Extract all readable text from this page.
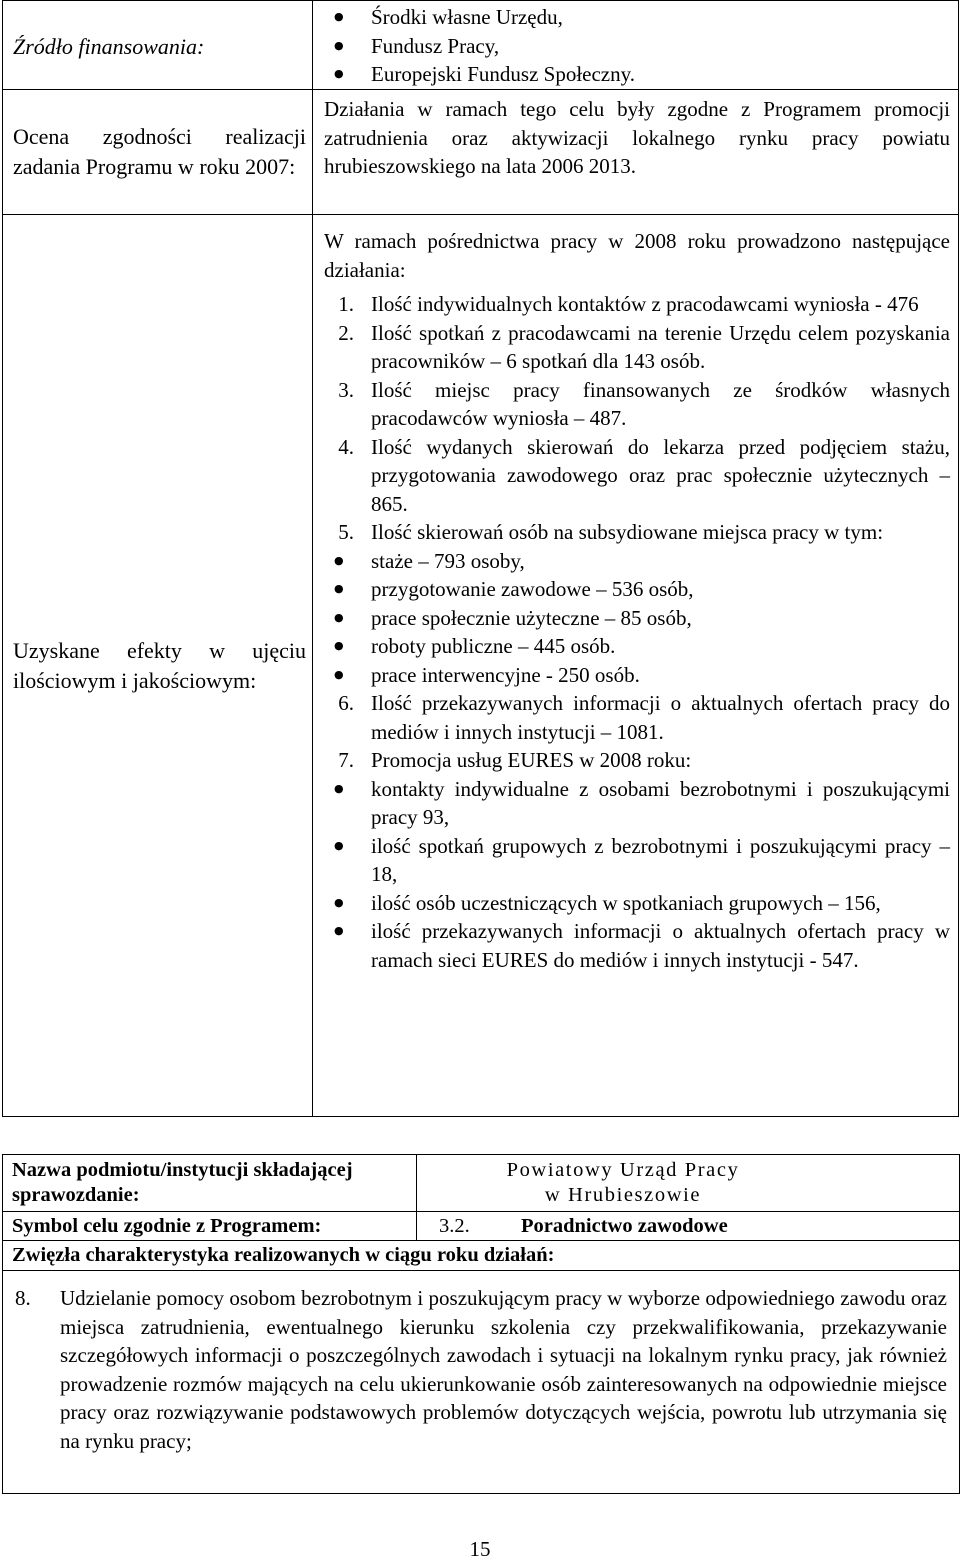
Źródło finansowania:
● Środki własne Urzędu,
● Fundusz Pracy,
● Europejski Fundusz Społeczny.
Ocena zgodności realizacji zadania Programu w roku 2007:
Działania w ramach tego celu były zgodne z Programem promocji zatrudnienia oraz aktywizacji lokalnego rynku pracy powiatu hrubieszowskiego na lata 2006 2013.
Uzyskane efekty w ujęciu ilościowym i jakościowym:
W ramach pośrednictwa pracy w 2008 roku prowadzono następujące działania:
1. Ilość indywidualnych kontaktów z pracodawcami wyniosła - 476
2. Ilość spotkań z pracodawcami na terenie Urzędu celem pozyskania pracowników – 6 spotkań dla 143 osób.
3. Ilość miejsc pracy finansowanych ze środków własnych pracodawców wyniosła – 487.
4. Ilość wydanych skierowań do lekarza przed podjęciem stażu, przygotowania zawodowego oraz prac społecznie użytecznych – 865.
5. Ilość skierowań osób na subsydiowane miejsca pracy w tym:
● staże – 793 osoby,
● przygotowanie zawodowe – 536 osób,
● prace społecznie użyteczne – 85 osób,
● roboty publiczne – 445 osób.
● prace interwencyjne - 250 osób.
6. Ilość przekazywanych informacji o aktualnych ofertach pracy do mediów i innych instytucji – 1081.
7. Promocja usług EURES w 2008 roku:
● kontakty indywidualne z osobami bezrobotnymi i poszukującymi pracy 93,
● ilość spotkań grupowych z bezrobotnymi i poszukującymi pracy – 18,
● ilość osób uczestniczących w spotkaniach grupowych – 156,
● ilość przekazywanych informacji o aktualnych ofertach pracy w ramach sieci EURES do mediów i innych instytucji - 547.
Nazwa podmiotu/instytucji składającej sprawozdanie:
Powiatowy Urząd Pracy
w Hrubieszowie
Symbol celu zgodnie z Programem:	3.2.	Poradnictwo zawodowe
Zwięzła charakterystyka realizowanych w ciągu roku działań:
8. Udzielanie pomocy osobom bezrobotnym i poszukującym pracy w wyborze odpowiedniego zawodu oraz miejsca zatrudnienia, ewentualnego kierunku szkolenia czy przekwalifikowania, przekazywanie szczegółowych informacji o poszczególnych zawodach i sytuacji na lokalnym rynku pracy, jak również prowadzenie rozmów mających na celu ukierunkowanie osób zainteresowanych na odpowiednie miejsce pracy oraz rozwiązywanie podstawowych problemów dotyczących wejścia, powrotu lub utrzymania się na rynku pracy;
15
